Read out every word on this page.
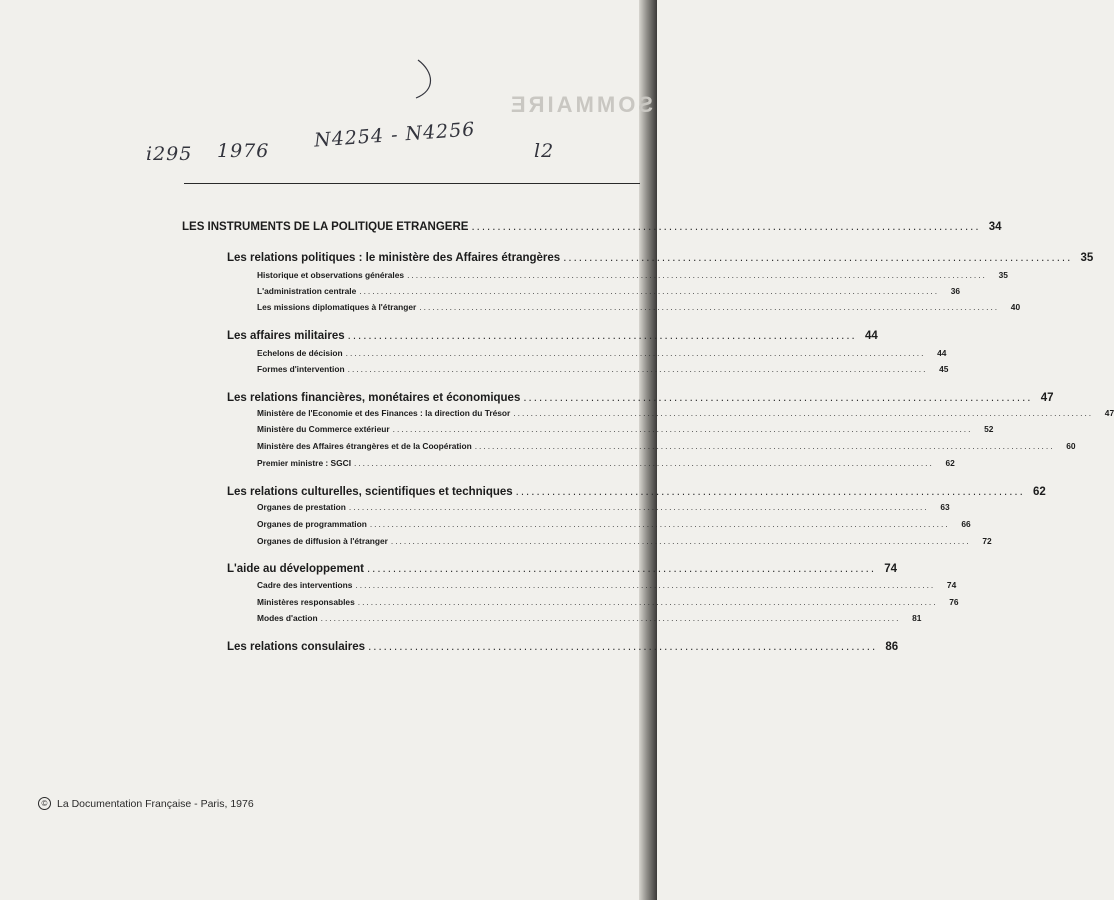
SOMMAIRE
i295 1976 N4254 - N4256	l2
LES INSTRUMENTS DE LA POLITIQUE ETRANGERE .................................................................................................. 34
Les relations politiques : le ministère des Affaires étrangères .................................................................................................. 35
Historique et observations générales ......................................................................................................................................	35
L'administration centrale ......................................................................................................................................	36
Les missions diplomatiques à l'étranger ......................................................................................................................................	40
Les affaires militaires .................................................................................................. 44
Echelons de décision ......................................................................................................................................	44
Formes d'intervention ......................................................................................................................................	45
Les relations financières, monétaires et économiques .................................................................................................. 47
Ministère de l'Economie et des Finances : la direction du Trésor ......................................................................................................................................	47
Ministère du Commerce extérieur ......................................................................................................................................	52
Ministère des Affaires étrangères et de la Coopération ......................................................................................................................................	60
Premier ministre : SGCI ......................................................................................................................................	62
Les relations culturelles, scientifiques et techniques .................................................................................................. 62
Organes de prestation ......................................................................................................................................	63
Organes de programmation ......................................................................................................................................	66
Organes de diffusion à l'étranger ......................................................................................................................................	72
L'aide au développement .................................................................................................. 74
Cadre des interventions ......................................................................................................................................	74
Ministères responsables ......................................................................................................................................	76
Modes d'action ......................................................................................................................................	81
Les relations consulaires .................................................................................................. 86
© La Documentation Française - Paris, 1976
